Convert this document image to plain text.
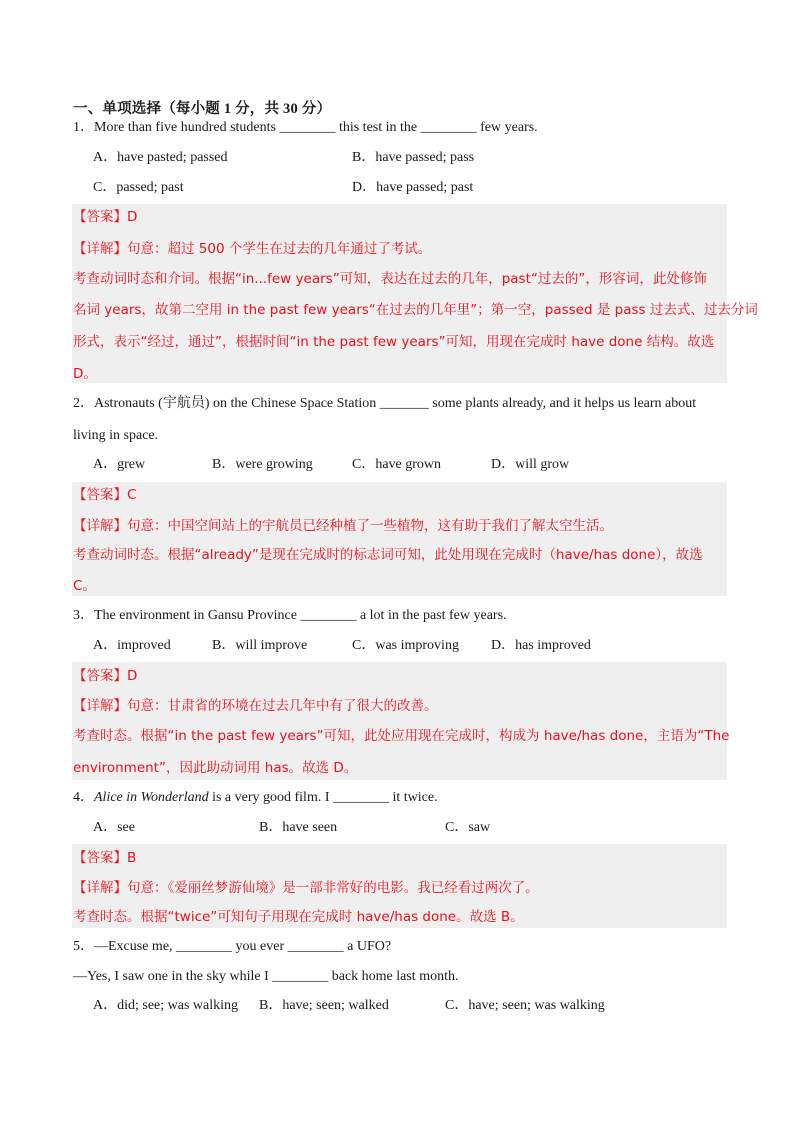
一、单项选择（每小题 1 分，共 30 分）
1．More than five hundred students ________ this test in the ________ few years.
A．have pasted; passed	B．have passed; pass
C．passed; past	D．have passed; past
【答案】D
【详解】句意：超过 500 个学生在过去的几年通过了考试。
考查动词时态和介词。根据“in...few years”可知，表达在过去的几年，past“过去的”，形容词，此处修饰
名词 years，故第二空用 in the past few years“在过去的几年里”；第一空，passed 是 pass 过去式、过去分词
形式，表示“经过，通过”，根据时间“in the past few years”可知，用现在完成时 have done 结构。故选
D。
2．Astronauts (宇航员) on the Chinese Space Station _______ some plants already, and it helps us learn about
living in space.
A．grew	B．were growing	C．have grown	D．will grow
【答案】C
【详解】句意：中国空间站上的宇航员已经种植了一些植物，这有助于我们了解太空生活。
考查动词时态。根据“already”是现在完成时的标志词可知，此处用现在完成时（have/has done），故选
C。
3．The environment in Gansu Province ________ a lot in the past few years.
A．improved	B．will improve	C．was improving D．has improved
【答案】D
【详解】句意：甘肃省的环境在过去几年中有了很大的改善。
考查时态。根据“in the past few years”可知，此处应用现在完成时，构成为 have/has done，主语为“The
environment”，因此助动词用 has。故选 D。
4．Alice in Wonderland is a very good film. I ________ it twice.
A．see	B．have seen	C．saw
【答案】B
【详解】句意：《爱丽丝梦游仙境》是一部非常好的电影。我已经看过两次了。
考查时态。根据“twice”可知句子用现在完成时 have/has done。故选 B。
5．—Excuse me, ________ you ever ________ a UFO?
—Yes, I saw one in the sky while I ________ back home last month.
A．did; see; was walking B．have; seen; walked	C．have; seen; was walking
